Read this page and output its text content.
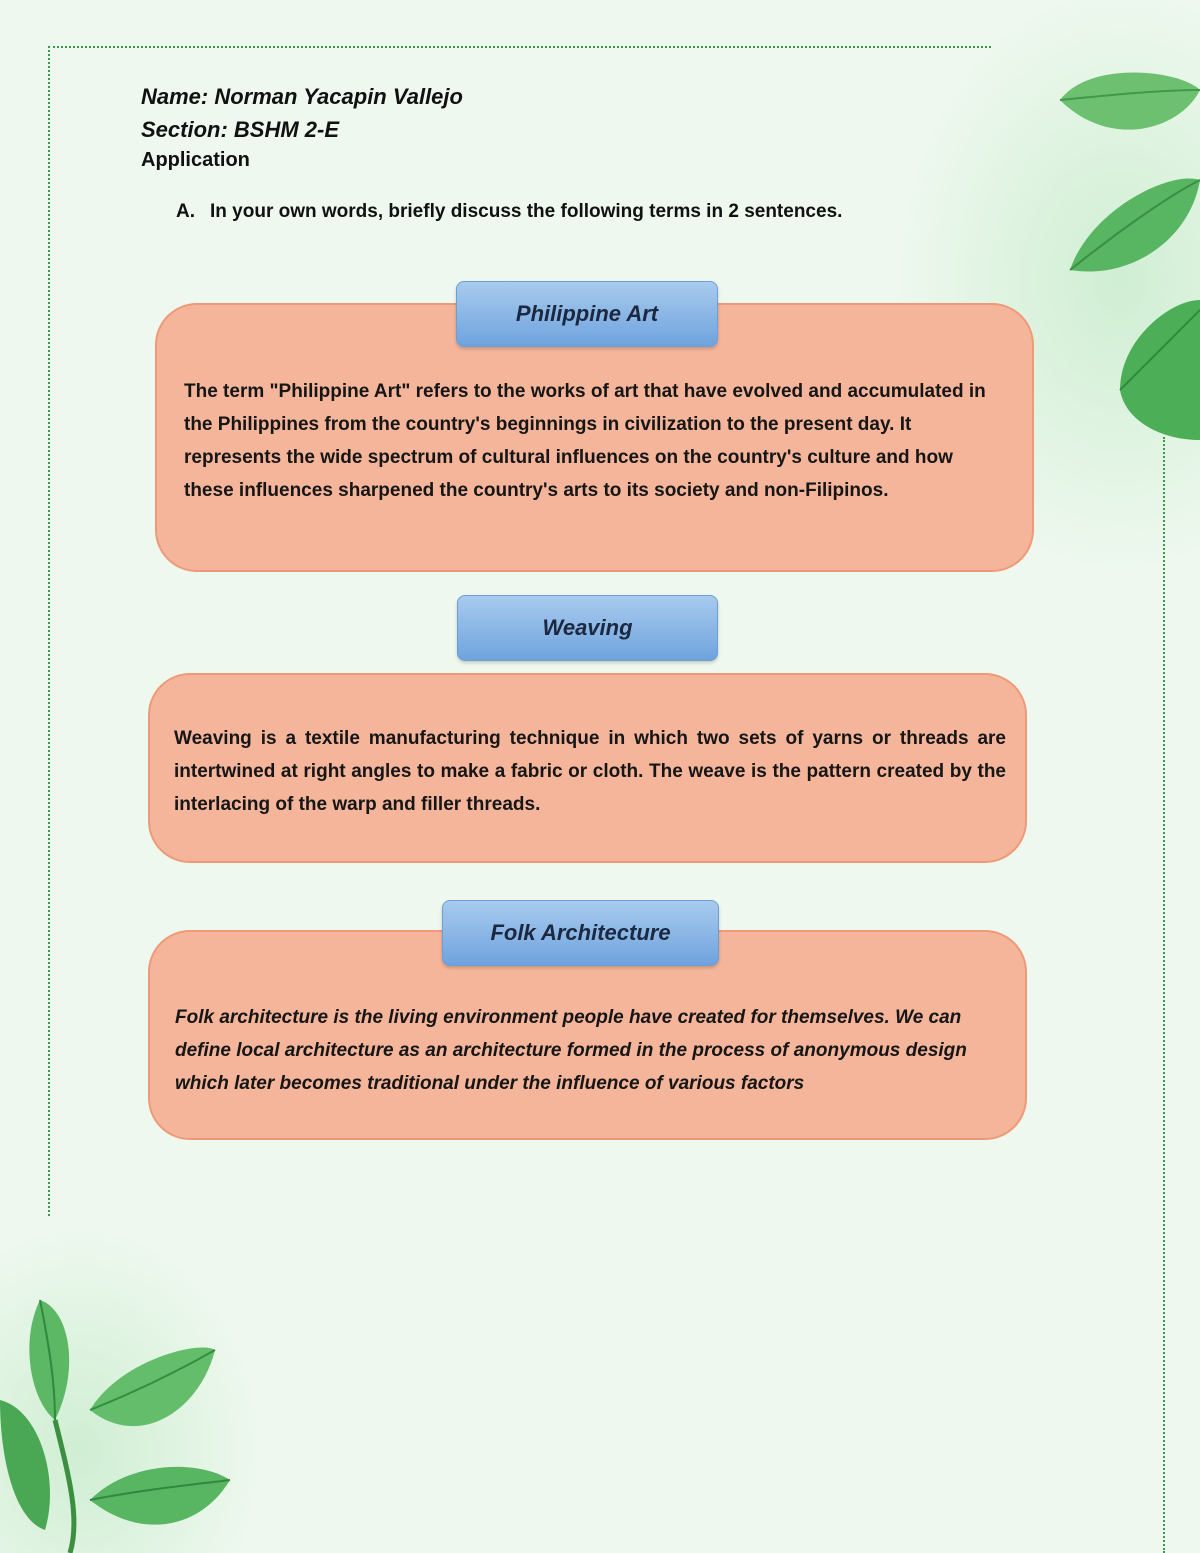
Name: Norman Yacapin Vallejo
Section: BSHM 2-E
Application
A. In your own words, briefly discuss the following terms in 2 sentences.

The term "Philippine Art" refers to the works of art that have evolved and accumulated in the Philippines from the country's beginnings in civilization to the present day. It represents the wide spectrum of cultural influences on the country's culture and how these influences sharpened the country's arts to its society and non-Filipinos.

Philippine Art
Weaving

Weaving is a textile manufacturing technique in which two sets of yarns or threads are intertwined at right angles to make a fabric or cloth. The weave is the pattern created by the interlacing of the warp and filler threads.

Folk architecture is the living environment people have created for themselves. We can define local architecture as an architecture formed in the process of anonymous design which later becomes traditional under the influence of various factors

Folk Architecture
